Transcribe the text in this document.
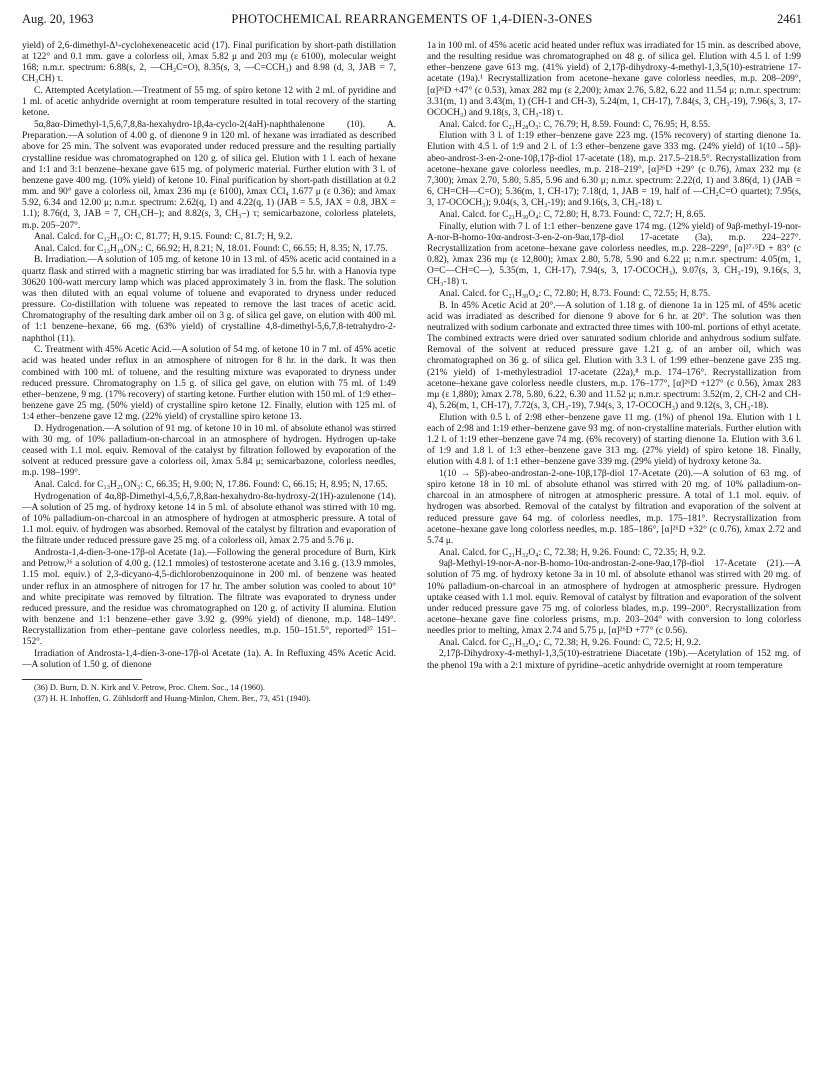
Aug. 20, 1963	PHOTOCHEMICAL REARRANGEMENTS OF 1,4-DIEN-3-ONES	2461

yield) of 2,6-dimethyl-Δ¹-cyclohexeneacetic acid (17). Final purification by short-path distillation at 122° and 0.1 mm. gave a colorless oil, λmax 5.82 μ and 203 mμ (ε 6100), molecular weight 168; n.m.r. spectrum: 6.88(s, 2, —CH₂C=O), 8.35(s, 3, —C=CCH₃) and 8.98 (d, 3, JAB = 7, CH₃CH) τ.

C. Attempted Acetylation.—Treatment of 55 mg. of spiro ketone 12 with 2 ml. of pyridine and 1 ml. of acetic anhydride overnight at room temperature resulted in total recovery of the starting ketone.

5α,8aα-Dimethyl-1,5,6,7,8,8a-hexahydro-1β,4a-cyclo-2(4aH)-naphthalenone (10). A. Preparation.—A solution of 4.00 g. of dienone 9 in 120 ml. of hexane was irradiated as described above for 25 min. The solvent was evaporated under reduced pressure and the resulting partially crystalline residue was chromatographed on 120 g. of silica gel. Elution with 1 l. each of hexane and 1:1 and 3:1 benzene–hexane gave 615 mg. of polymeric material. Further elution with 3 l. of benzene gave 400 mg. (10% yield) of ketone 10. Final purification by short-path distillation at 0.2 mm. and 90° gave a colorless oil, λmax 236 mμ (ε 6100), λmax CCl₄ 1.677 μ (ε 0.36); and λmax 5.92, 6.34 and 12.00 μ; n.m.r. spectrum: 2.62(q, 1) and 4.22(q, 1) (JAB = 5.5, JAX = 0.8, JBX = 1.1); 8.76(d, 3, JAB = 7, CH₃CH–); and 8.82(s, 3, CH₃–) τ; semicarbazone, colorless platelets, m.p. 205–207°.

Anal. Calcd. for C₁₂H₁₆O: C, 81.77; H, 9.15. Found: C, 81.7; H, 9.2.

Anal. Calcd. for C₁₃H₁₉ON₃: C, 66.92; H, 8.21; N, 18.01. Found: C, 66.55; H, 8.35; N, 17.75.

B. Irradiation.—A solution of 105 mg. of ketone 10 in 13 ml. of 45% acetic acid contained in a quartz flask and stirred with a magnetic stirring bar was irradiated for 5.5 hr. with a Hanovia type 30620 100-watt mercury lamp which was placed approximately 3 in. from the flask. The solution was then diluted with an equal volume of toluene and evaporated to dryness under reduced pressure. Co-distillation with toluene was repeated to remove the last traces of acetic acid. Chromatography of the resulting dark amber oil on 3 g. of silica gel gave, on elution with 400 ml. of 1:1 benzene–hexane, 66 mg. (63% yield) of crystalline 4,8-dimethyl-5,6,7,8-tetrahydro-2-naphthol (11).

C. Treatment with 45% Acetic Acid.—A solution of 54 mg. of ketone 10 in 7 ml. of 45% acetic acid was heated under reflux in an atmosphere of nitrogen for 8 hr. in the dark. It was then combined with 100 ml. of toluene, and the resulting mixture was evaporated to dryness under reduced pressure. Chromatography on 1.5 g. of silica gel gave, on elution with 75 ml. of 1:49 ether–benzene, 9 mg. (17% recovery) of starting ketone. Further elution with 150 ml. of 1:9 ether–benzene gave 25 mg. (50% yield) of crystalline spiro ketone 12. Finally, elution with 125 ml. of 1:4 ether–benzene gave 12 mg. (22% yield) of crystalline spiro ketone 13.

D. Hydrogenation.—A solution of 91 mg. of ketone 10 in 10 ml. of absolute ethanol was stirred with 30 mg. of 10% palladium-on-charcoal in an atmosphere of hydrogen. Hydrogen up-take ceased with 1.1 mol. equiv. Removal of the catalyst by filtration followed by evaporation of the solvent at reduced pressure gave a colorless oil, λmax 5.84 μ; semicarbazone, colorless needles, m.p. 198–199°.

Anal. Calcd. for C₁₃H₂₁ON₃: C, 66.35; H, 9.00; N, 17.86. Found: C, 66.15; H, 8.95; N, 17.65.

Hydrogenation of 4α,8β-Dimethyl-4,5,6,7,8,8aα-hexahydro-8α-hydroxy-2(1H)-azulenone (14).—A solution of 25 mg. of hydroxy ketone 14 in 5 ml. of absolute ethanol was stirred with 10 mg. of 10% palladium-on-charcoal in an atmosphere of hydrogen at atmospheric pressure. A total of 1.1 mol. equiv. of hydrogen was absorbed. Removal of the catalyst by filtration and evaporation of the filtrate under reduced pressure gave 25 mg. of a colorless oil, λmax 2.75 and 5.76 μ.

Androsta-1,4-dien-3-one-17β-ol Acetate (1a).—Following the general procedure of Burn, Kirk and Petrow,³⁶ a solution of 4.00 g. (12.1 mmoles) of testosterone acetate and 3.16 g. (13.9 mmoles, 1.15 mol. equiv.) of 2,3-dicyano-4,5-dichlorobenzoquinone in 200 ml. of benzene was heated under reflux in an atmosphere of nitrogen for 17 hr. The amber solution was cooled to about 10° and white precipitate was removed by filtration. The filtrate was evaporated to dryness under reduced pressure, and the residue was chromatographed on 120 g. of activity II alumina. Elution with benzene and 1:1 benzene–ether gave 3.92 g. (99% yield) of dienone, m.p. 148–149°. Recrystallization from ether–pentane gave colorless needles, m.p. 150–151.5°, reported³⁷ 151–152°.

Irradiation of Androsta-1,4-dien-3-one-17β-ol Acetate (1a). A. In Refluxing 45% Acetic Acid.—A solution of 1.50 g. of dienone

(36) D. Burn, D. N. Kirk and V. Petrow, Proc. Chem. Soc., 14 (1960).

(37) H. H. Inhoffen, G. Zühlsdorff and Huang-Minlon, Chem. Ber., 73, 451 (1940).

1a in 100 ml. of 45% acetic acid heated under reflux was irradiated for 15 min. as described above, and the resulting residue was chromatographed on 48 g. of silica gel. Elution with 4.5 l. of 1:99 ether–benzene gave 613 mg. (41% yield) of 2,17β-dihydroxy-4-methyl-1,3,5(10)-estratriene 17-acetate (19a).¹ Recrystallization from acetone–hexane gave colorless needles, m.p. 208–209°, [α]²⁶D +47° (c 0.53), λmax 282 mμ (ε 2,200); λmax 2.76, 5.82, 6.22 and 11.54 μ; n.m.r. spectrum: 3.31(m, 1) and 3.43(m, 1) (CH-1 and CH-3), 5.24(m, 1, CH-17), 7.84(s, 3, CH₃-19), 7.96(s, 3, 17-OCOCH₃) and 9.18(s, 3, CH₃-18) τ.

Anal. Calcd. for C₂₁H₂₈O₃: C, 76.79; H, 8.59. Found: C, 76.95; H, 8.55.

Elution with 3 l. of 1:19 ether–benzene gave 223 mg. (15% recovery) of starting dienone 1a. Elution with 4.5 l. of 1:9 and 2 l. of 1:3 ether–benzene gave 333 mg. (24% yield) of 1(10→5β)-abeo-androst-3-en-2-one-10β,17β-diol 17-acetate (18), m.p. 217.5–218.5°. Recrystallization from acetone–hexane gave colorless needles, m.p. 218–219°, [α]²⁶D +29° (c 0.76), λmax 232 mμ (ε 7,300); λmax 2.70, 5.80, 5.85, 5.96 and 6.30 μ; n.m.r. spectrum: 2.22(d, 1) and 3.86(d, 1) (JAB = 6, CH=CH—C=O); 5.36(m, 1, CH-17); 7.18(d, 1, JAB = 19, half of —CH₂C=O quartet); 7.95(s, 3, 17-OCOCH₃); 9.04(s, 3, CH₃-19); and 9.16(s, 3, CH₃-18) τ.

Anal. Calcd. for C₂₁H₃₀O₄: C, 72.80; H, 8.73. Found: C, 72.7; H, 8.65.

Finally, elution with 7 l. of 1:1 ether–benzene gave 174 mg. (12% yield) of 9aβ-methyl-19-nor-A-nor-B-homo-10α-androst-3-en-2-on-9aα,17β-diol 17-acetate (3a), m.p. 224–227°. Recrystallization from acetone–hexane gave colorless needles, m.p. 228–229°, [α]²⁷·⁵D + 83° (c 0.82), λmax 236 mμ (ε 12,800); λmax 2.80, 5.78, 5.90 and 6.22 μ; n.m.r. spectrum: 4.05(m, 1, O=C—CH=C—), 5.35(m, 1, CH-17), 7.94(s, 3, 17-OCOCH₃), 9.07(s, 3, CH₃-19), 9.16(s, 3, CH₃-18) τ.

Anal. Calcd. for C₂₁H₃₀O₄: C, 72.80; H, 8.73. Found: C, 72.55; H, 8.75.

B. In 45% Acetic Acid at 20°.—A solution of 1.18 g. of dienone 1a in 125 ml. of 45% acetic acid was irradiated as described for dienone 9 above for 6 hr. at 20°. The solution was then neutralized with sodium carbonate and extracted three times with 100-ml. portions of ethyl acetate. The combined extracts were dried over saturated sodium chloride and anhydrous sodium sulfate. Removal of the solvent at reduced pressure gave 1.21 g. of an amber oil, which was chromatographed on 36 g. of silica gel. Elution with 3.3 l. of 1:99 ether–benzene gave 235 mg. (21% yield) of 1-methylestradiol 17-acetate (22a),⁸ m.p. 174–176°. Recrystallization from acetone–hexane gave colorless needle clusters, m.p. 176–177°, [α]²⁶D +127° (c 0.56), λmax 283 mμ (ε 1,880); λmax 2.78, 5.80, 6.22, 6.30 and 11.52 μ; n.m.r. spectrum: 3.52(m, 2, CH-2 and CH-4), 5.26(m, 1, CH-17), 7.72(s, 3, CH₃-19), 7.94(s, 3, 17-OCOCH₃) and 9.12(s, 3, CH₃-18).

Elution with 0.5 l. of 2:98 ether–benzene gave 11 mg. (1%) of phenol 19a. Elution with 1 l. each of 2:98 and 1:19 ether–benzene gave 93 mg. of non-crystalline materials. Further elution with 1.2 l. of 1:19 ether–benzene gave 74 mg. (6% recovery) of starting dienone 1a. Elution with 3.6 l. of 1:9 and 1.8 l. of 1:3 ether–benzene gave 313 mg. (27% yield) of spiro ketone 18. Finally, elution with 4.8 l. of 1:1 ether–benzene gave 339 mg. (29% yield) of hydroxy ketone 3a.

1(10 → 5β)-abeo-androstan-2-one-10β,17β-diol 17-Acetate (20).—A solution of 63 mg. of spiro ketone 18 in 10 ml. of absolute ethanol was stirred with 20 mg. of 10% palladium-on-charcoal in an atmosphere of nitrogen at atmospheric pressure. A total of 1.1 mol. equiv. of hydrogen was absorbed. Removal of the catalyst by filtration and evaporation of the solvent at reduced pressure gave 64 mg. of colorless needles, m.p. 175–181°. Recrystallization from acetone–hexane gave long colorless needles, m.p. 185–186°, [α]²⁶D +32° (c 0.76), λmax 2.72 and 5.74 μ.

Anal. Calcd. for C₂₁H₃₂O₄: C, 72.38; H, 9.26. Found: C, 72.35; H, 9.2.

9aβ-Methyl-19-nor-A-nor-B-homo-10α-androstan-2-one-9aα,17β-diol 17-Acetate (21).—A solution of 75 mg. of hydroxy ketone 3a in 10 ml. of absolute ethanol was stirred with 20 mg. of 10% palladium-on-charcoal in an atmosphere of hydrogen at atmospheric pressure. Hydrogen uptake ceased with 1.1 mol. equiv. Removal of catalyst by filtration and evaporation of the solvent under reduced pressure gave 75 mg. of colorless blades, m.p. 199–200°. Recrystallization from acetone–hexane gave fine colorless prisms, m.p. 203–204° with conversion to long colorless needles prior to melting, λmax 2.74 and 5.75 μ, [α]²⁶D +77° (c 0.56).

Anal. Calcd. for C₂₁H₃₂O₄: C, 72.38; H, 9.26. Found: C, 72.5; H, 9.2.

2,17β-Dihydroxy-4-methyl-1,3,5(10)-estratriene Diacetate (19b).—Acetylation of 152 mg. of the phenol 19a with a 2:1 mixture of pyridine–acetic anhydride overnight at room temperature
